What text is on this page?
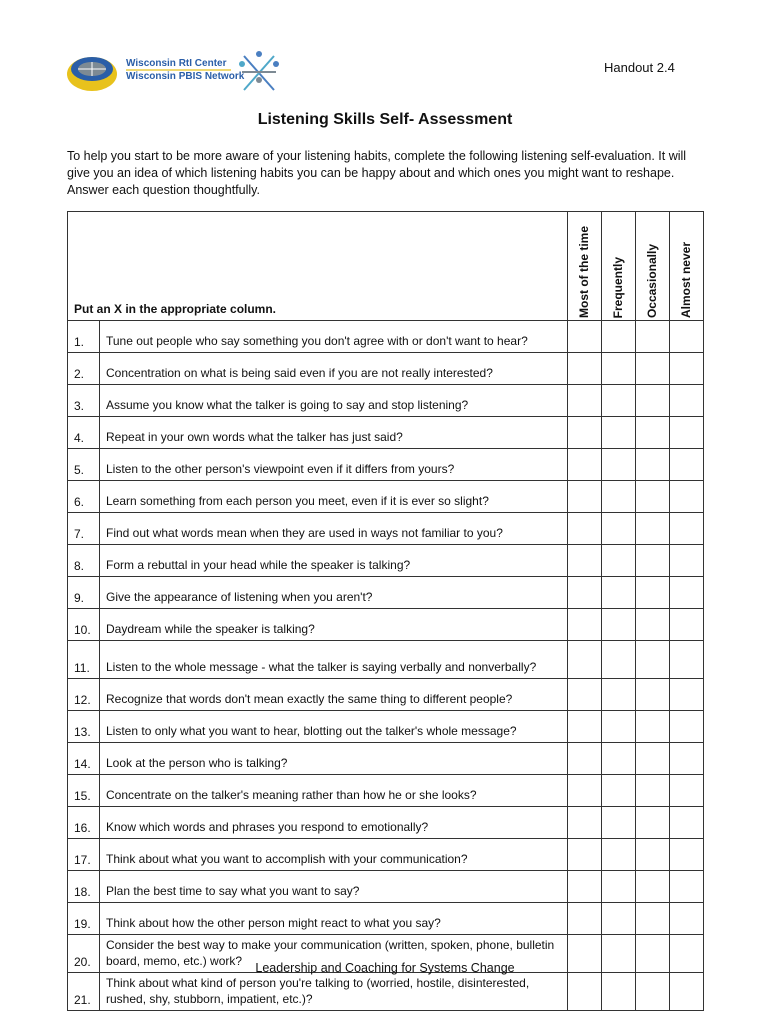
Wisconsin RtI Center
Wisconsin PBIS Network
Handout 2.4
Listening Skills Self- Assessment
To help you start to be more aware of your listening habits, complete the following listening self-evaluation. It will give you an idea of which listening habits you can be happy about and which ones you might want to reshape. Answer each question thoughtfully.
Put an X in the appropriate column.		Most of the time	Frequently	Occasionally	Almost never

1.	Tune out people who say something you don't agree with or don't want to hear?				
2.	Concentration on what is being said even if you are not really interested?				
3.	Assume you know what the talker is going to say and stop listening?				
4.	Repeat in your own words what the talker has just said?				
5.	Listen to the other person's viewpoint even if it differs from yours?				
6.	Learn something from each person you meet, even if it is ever so slight?				
7.	Find out what words mean when they are used in ways not familiar to you?				
8.	Form a rebuttal in your head while the speaker is talking?				
9.	Give the appearance of listening when you aren't?				
10.	Daydream while the speaker is talking?				
11.	Listen to the whole message - what the talker is saying verbally and nonverbally?				
12.	Recognize that words don't mean exactly the same thing to different people?				
13.	Listen to only what you want to hear, blotting out the talker's whole message?				
14.	Look at the person who is talking?				
15.	Concentrate on the talker's meaning rather than how he or she looks?				
16.	Know which words and phrases you respond to emotionally?				
17.	Think about what you want to accomplish with your communication?				
18.	Plan the best time to say what you want to say?				
19.	Think about how the other person might react to what you say?				
20.	Consider the best way to make your communication (written, spoken, phone, bulletin board, memo, etc.) work?				
21.	Think about what kind of person you're talking to (worried, hostile, disinterested, rushed, shy, stubborn, impatient, etc.)?				
Leadership and Coaching for Systems Change
